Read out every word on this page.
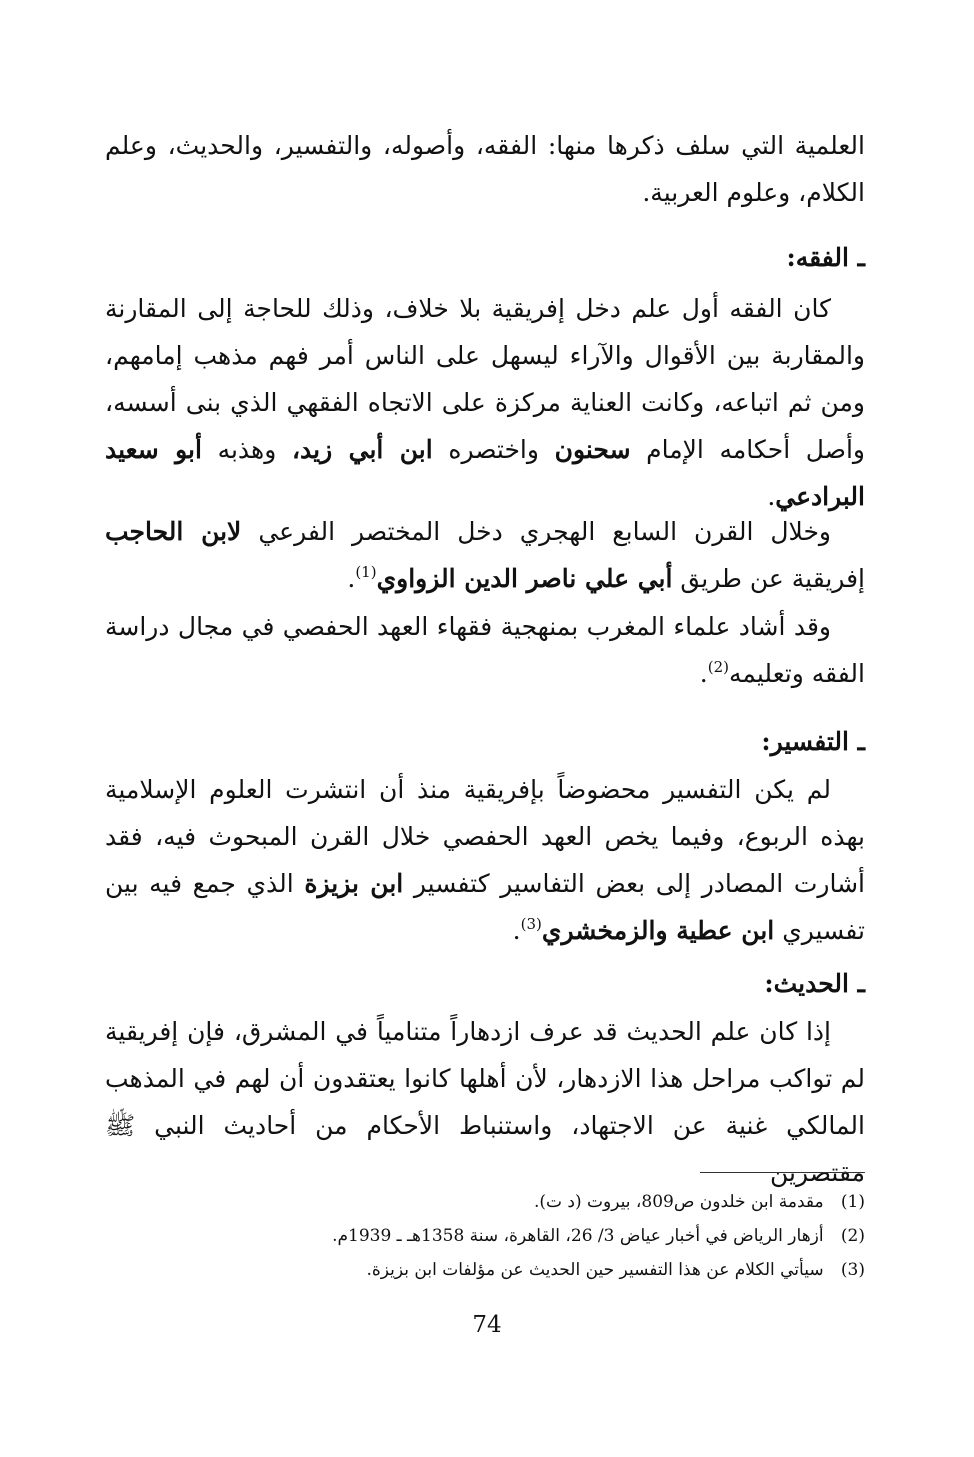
العلمية التي سلف ذكرها منها: الفقه، وأصوله، والتفسير، والحديث، وعلم الكلام، وعلوم العربية.

ـ الفقه:

كان الفقه أول علم دخل إفريقية بلا خلاف، وذلك للحاجة إلى المقارنة والمقاربة بين الأقوال والآراء ليسهل على الناس أمر فهم مذهب إمامهم، ومن ثم اتباعه، وكانت العناية مركزة على الاتجاه الفقهي الذي بنى أسسه، وأصل أحكامه الإمام سحنون واختصره ابن أبي زيد، وهذبه أبو سعيد البرادعي.

وخلال القرن السابع الهجري دخل المختصر الفرعي لابن الحاجب إفريقية عن طريق أبي علي ناصر الدين الزواوي$^{(1)}$.

وقد أشاد علماء المغرب بمنهجية فقهاء العهد الحفصي في مجال دراسة الفقه وتعليمه$^{(2)}$.

ـ التفسير:

لم يكن التفسير محضوضاً بإفريقية منذ أن انتشرت العلوم الإسلامية بهذه الربوع، وفيما يخص العهد الحفصي خلال القرن المبحوث فيه، فقد أشارت المصادر إلى بعض التفاسير كتفسير ابن بزيزة الذي جمع فيه بين تفسيري ابن عطية والزمخشري$^{(3)}$.

ـ الحديث:

إذا كان علم الحديث قد عرف ازدهاراً متنامياً في المشرق، فإن إفريقية لم تواكب مراحل هذا الازدهار، لأن أهلها كانوا يعتقدون أن لهم في المذهب المالكي غنية عن الاجتهاد، واستنباط الأحكام من أحاديث النبي ﷺ مقتصرين

(1) مقدمة ابن خلدون ص809، بيروت (د ت).
(2) أزهار الرياض في أخبار عياض 3/ 26، القاهرة، سنة 1358هـ ـ 1939م.
(3) سيأتي الكلام عن هذا التفسير حين الحديث عن مؤلفات ابن بزيزة.
74
